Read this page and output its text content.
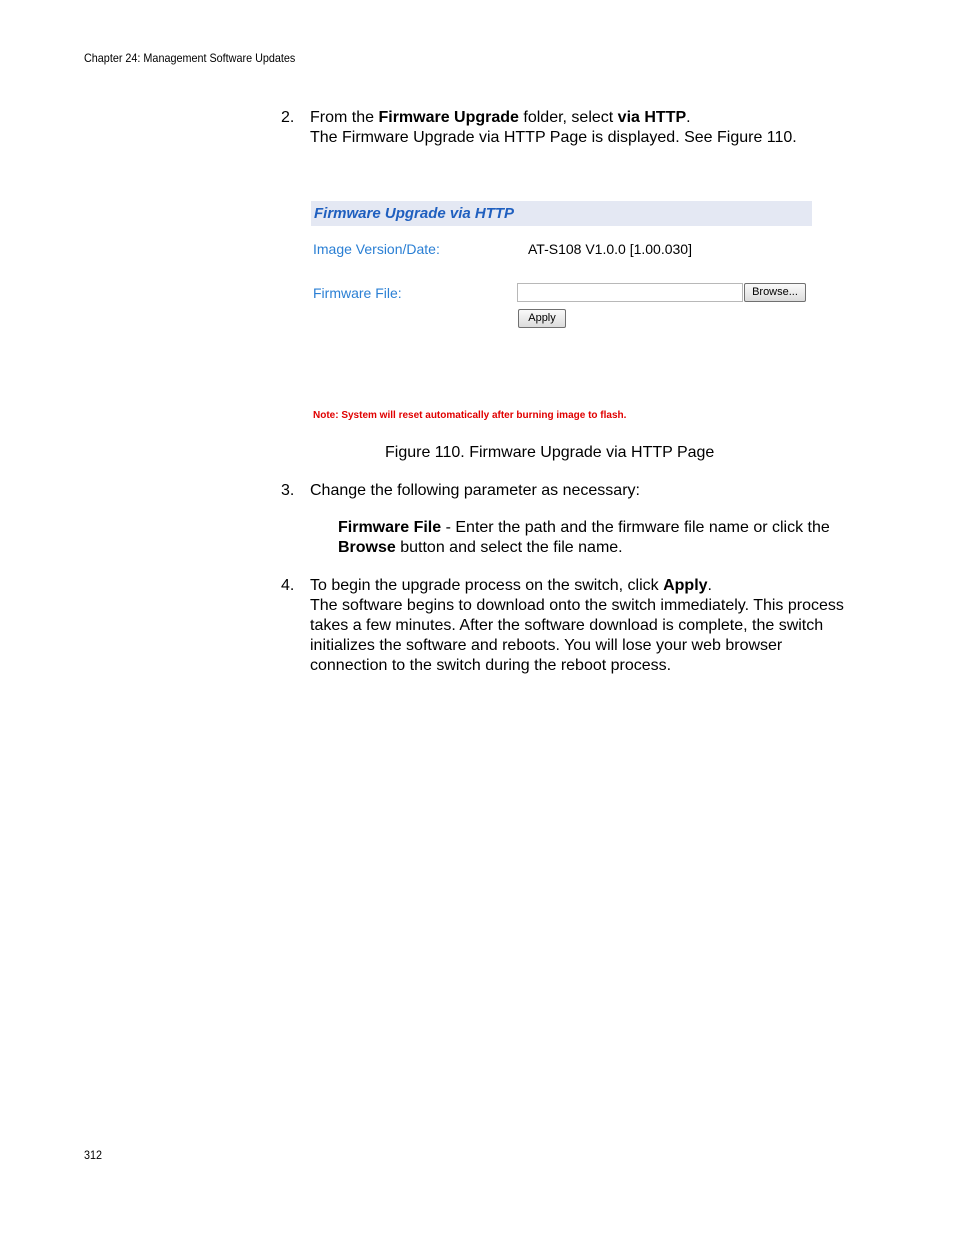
Chapter 24: Management Software Updates
2. From the Firmware Upgrade folder, select via HTTP.

The Firmware Upgrade via HTTP Page is displayed. See Figure 110.

Firmware Upgrade via HTTP
Image Version/Date:	AT-S108 V1.0.0 [1.00.030]
Firmware File:	Browse...
Apply
Note: System will reset automatically after burning image to flash.
Figure 110. Firmware Upgrade via HTTP Page
3. Change the following parameter as necessary:

Firmware File - Enter the path and the firmware file name or click the Browse button and select the file name.
4. To begin the upgrade process on the switch, click Apply.

The software begins to download onto the switch immediately. This process takes a few minutes. After the software download is complete, the switch initializes the software and reboots. You will lose your web browser connection to the switch during the reboot process.

312
